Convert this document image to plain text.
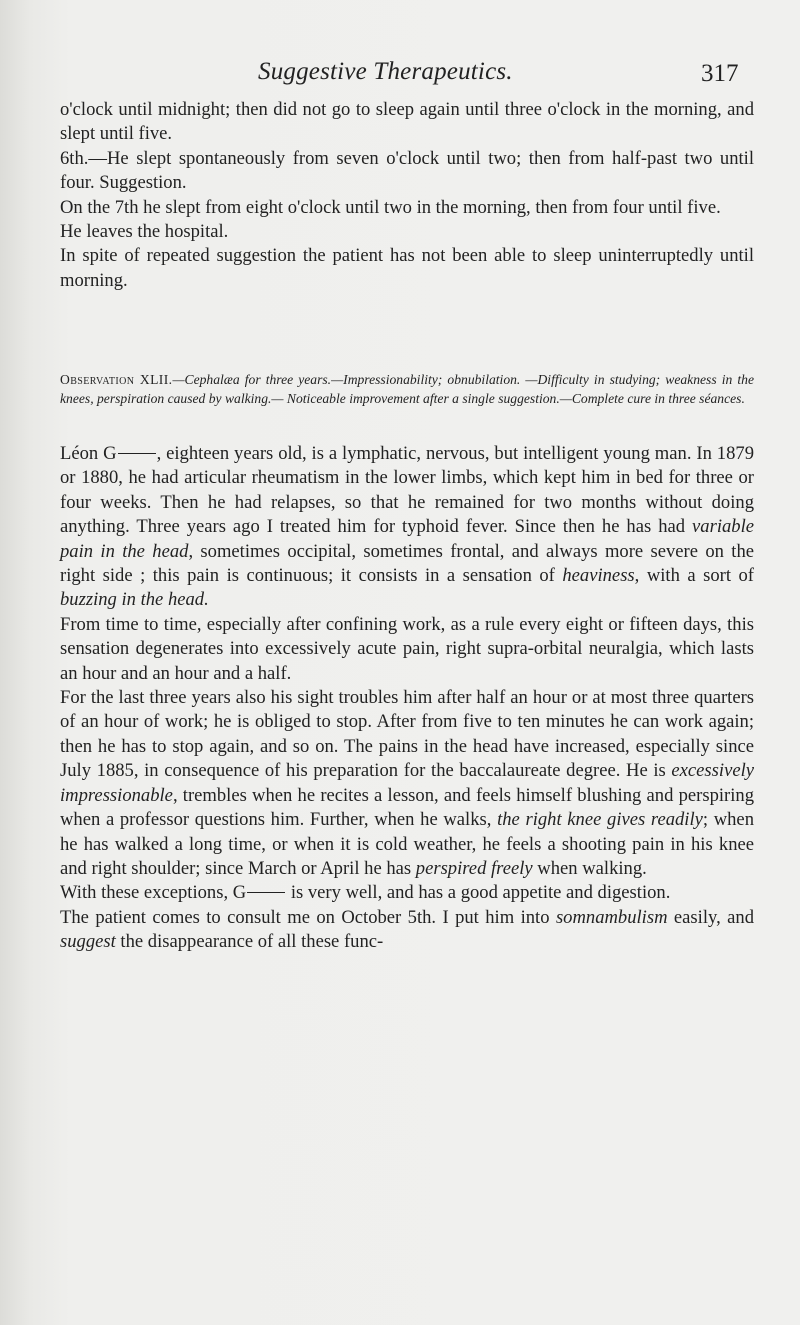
Suggestive Therapeutics.	317

o'clock until midnight; then did not go to sleep again until three o'clock in the morning, and slept until five.

6th.—He slept spontaneously from seven o'clock until two; then from half-past two until four. Suggestion.

On the 7th he slept from eight o'clock until two in the morning, then from four until five.

He leaves the hospital.

In spite of repeated suggestion the patient has not been able to sleep uninterruptedly until morning.

Observation XLII.—Cephalæa for three years.—Impressionability; obnubilation. —Difficulty in studying; weakness in the knees, perspiration caused by walking.— Noticeable improvement after a single suggestion.—Complete cure in three séances.

Léon G , eighteen years old, is a lymphatic, nervous, but intelligent young man. In 1879 or 1880, he had articular rheumatism in the lower limbs, which kept him in bed for three or four weeks. Then he had relapses, so that he remained for two months without doing anything. Three years ago I treated him for typhoid fever. Since then he has had variable pain in the head, sometimes occipital, sometimes frontal, and always more severe on the right side ; this pain is continuous; it consists in a sensation of heaviness, with a sort of buzzing in the head.

From time to time, especially after confining work, as a rule every eight or fifteen days, this sensation degenerates into excessively acute pain, right supra-orbital neuralgia, which lasts an hour and an hour and a half.

For the last three years also his sight troubles him after half an hour or at most three quarters of an hour of work; he is obliged to stop. After from five to ten minutes he can work again; then he has to stop again, and so on. The pains in the head have increased, especially since July 1885, in consequence of his preparation for the baccalaureate degree. He is excessively impressionable, trembles when he recites a lesson, and feels himself blushing and perspiring when a professor questions him. Further, when he walks, the right knee gives readily; when he has walked a long time, or when it is cold weather, he feels a shooting pain in his knee and right shoulder; since March or April he has perspired freely when walking.

With these exceptions, G is very well, and has a good appetite and digestion.

The patient comes to consult me on October 5th. I put him into somnambulism easily, and suggest the disappearance of all these func-
